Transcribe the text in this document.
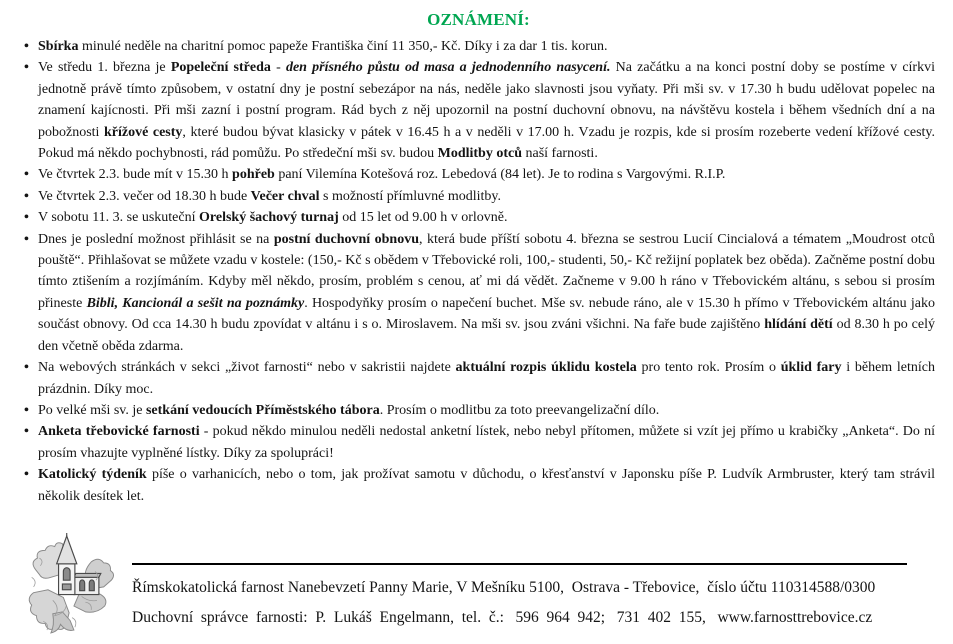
OZNÁMENÍ:
• Sbírka minulé neděle na charitní pomoc papeže Františka činí 11 350,- Kč. Díky i za dar 1 tis. korun.
• Ve středu 1. března je Popeleční středa - den přísného půstu od masa a jednodenního nasycení. Na začátku a na konci postní doby se postíme v církvi jednotně právě tímto způsobem, v ostatní dny je postní sebezápor na nás, neděle jako slavnosti jsou vyňaty. Při mši sv. v 17.30 h budu udělovat popelec na znamení kajícnosti. Při mši zazní i postní program. Rád bych z něj upozornil na postní duchovní obnovu, na návštěvu kostela i během všedních dní a na pobožnosti křížové cesty, které budou bývat klasicky v pátek v 16.45 h a v neděli v 17.00 h. Vzadu je rozpis, kde si prosím rozeberte vedení křížové cesty. Pokud má někdo pochybnosti, rád pomůžu. Po středeční mši sv. budou Modlitby otců naší farnosti.
• Ve čtvrtek 2.3. bude mít v 15.30 h pohřeb paní Vilemína Kotešová roz. Lebedová (84 let). Je to rodina s Vargovými. R.I.P.
• Ve čtvrtek 2.3. večer od 18.30 h bude Večer chval s možností přímluvné modlitby.
• V sobotu 11. 3. se uskuteční Orelský šachový turnaj od 15 let od 9.00 h v orlovně.
• Dnes je poslední možnost přihlásit se na postní duchovní obnovu, která bude příští sobotu 4. března se sestrou Lucií Cincialová a tématem „Moudrost otců pouště“. Přihlašovat se můžete vzadu v kostele: (150,- Kč s obědem v Třebovické roli, 100,- studenti, 50,- Kč režijní poplatek bez oběda). Začněme postní dobu tímto ztišením a rozjímáním. Kdyby měl někdo, prosím, problém s cenou, ať mi dá vědět. Začneme v 9.00 h ráno v Třebovickém altánu, s sebou si prosím přineste Bibli, Kancionál a sešit na poznámky. Hospodyňky prosím o napečení buchet. Mše sv. nebude ráno, ale v 15.30 h přímo v Třebovickém altánu jako součást obnovy. Od cca 14.30 h budu zpovídat v altánu i s o. Miroslavem. Na mši sv. jsou zváni všichni. Na faře bude zajištěno hlídání dětí od 8.30 h po celý den včetně oběda zdarma.
• Na webových stránkách v sekci „život farnosti“ nebo v sakristii najdete aktuální rozpis úklidu kostela pro tento rok. Prosím o úklid fary i během letních prázdnin. Díky moc.
• Po velké mši sv. je setkání vedoucích Příměstského tábora. Prosím o modlitbu za toto preevangelizační dílo.
• Anketa třebovické farnosti - pokud někdo minulou neděli nedostal anketní lístek, nebo nebyl přítomen, můžete si vzít jej přímo u krabičky „Anketa“. Do ní prosím vhazujte vyplněné lístky. Díky za spolupráci!
• Katolický týdeník píše o varhanicích, nebo o tom, jak prožívat samotu v důchodu, o křesťanství v Japonsku píše P. Ludvík Armbruster, který tam strávil několik desítek let.
Římskokatolická farnost Nanebevzetí Panny Marie, V Mešníku 5100,  Ostrava - Třebovice,  číslo účtu 110314588/0300
Duchovní  správce  farnosti:  P.  Lukáš  Engelmann,  tel.  č.:   596  964  942;   731  402  155,   www.farnosttrebovice.cz
